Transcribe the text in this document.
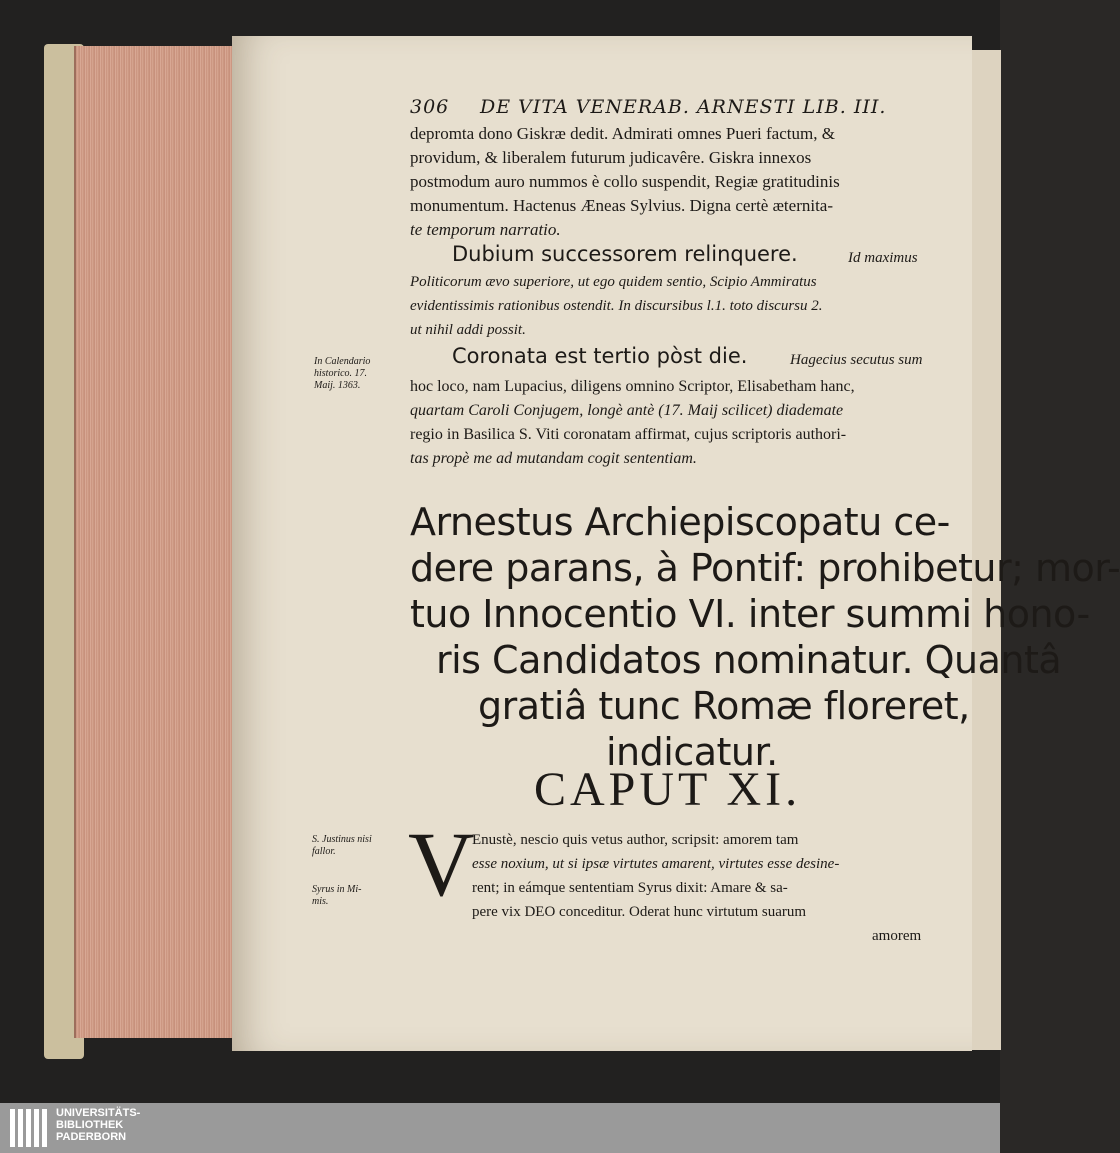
306 DE VITA VENERAB. ARNESTI LIB. III.
depromta dono Giskræ dedit. Admirati omnes Pueri factum, &
providum, & liberalem futurum judicavêre. Giskra innexos
postmodum auro nummos è collo suspendit, Regiæ gratitudinis
monumentum. Hactenus Æneas Sylvius. Digna certè æternita-
te temporum narratio.
Dubium successorem relinquere.	Id maximus
Politicorum ævo superiore, ut ego quidem sentio, Scipio Ammiratus
evidentissimis rationibus ostendit. In discursibus l.1. toto discursu 2.
ut nihil addi possit.
In Calendario
historico. 17.
Maij. 1363.
Coronata est tertio pòst die.	Hagecius secutus sum
hoc loco, nam Lupacius, diligens omnino Scriptor, Elisabetham hanc,
quartam Caroli Conjugem, longè antè (17. Maij scilicet) diademate
regio in Basilica S. Viti coronatam affirmat, cujus scriptoris authori-
tas propè me ad mutandam cogit sententiam.
Arnestus Archiepiscopatu ce-
dere parans, à Pontif: prohibetur; mor-
tuo Innocentio VI. inter summi hono-
ris Candidatos nominatur. Quantâ
gratiâ tunc Romæ floreret,
indicatur.
CAPUT XI.
S. Justinus nisi
fallor.
Syrus in Mi-
mis. V
Enustè, nescio quis vetus author, scripsit: amorem tam
esse noxium, ut si ipsæ virtutes amarent, virtutes esse desine-
rent; in eámque sententiam Syrus dixit: Amare & sa-
pere vix DEO conceditur. Oderat hunc virtutum suarum
amorem
UNIVERSITÄTS-
BIBLIOTHEK
PADERBORN
